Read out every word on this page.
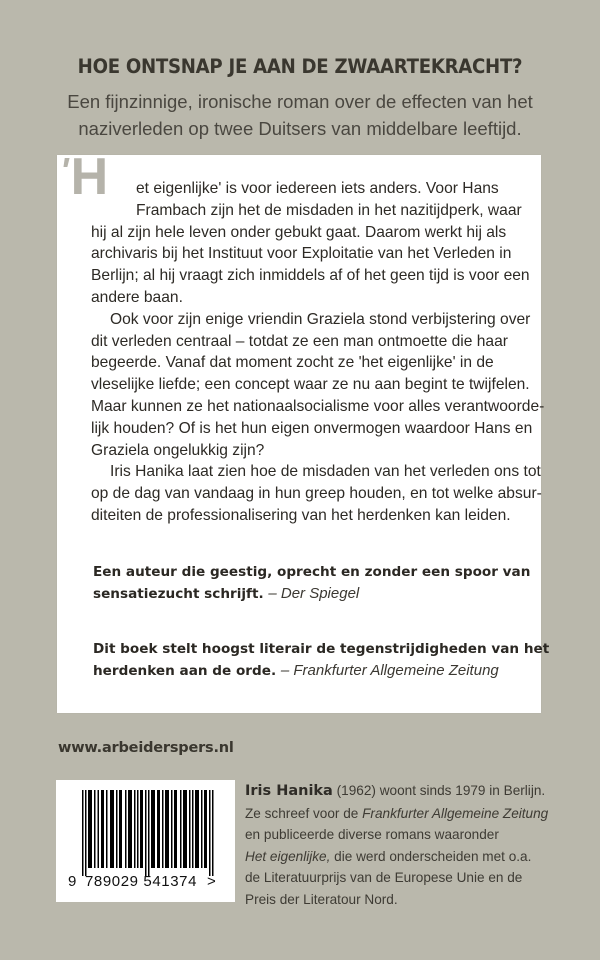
HOE ONTSNAP JE AAN DE ZWAARTEKRACHT?
Een fijnzinnige, ironische roman over de effecten van het
naziverleden op twee Duitsers van middelbare leeftijd.
'H	et eigenlijke' is voor iedereen iets anders. Voor Hans
Frambach zijn het de misdaden in het nazitijdperk, waar
hij al zijn hele leven onder gebukt gaat. Daarom werkt hij als
archivaris bij het Instituut voor Exploitatie van het Verleden in
Berlijn; al hij vraagt zich inmiddels af of het geen tijd is voor een
andere baan.
Ook voor zijn enige vriendin Graziela stond verbijstering over
dit verleden centraal – totdat ze een man ontmoette die haar
begeerde. Vanaf dat moment zocht ze 'het eigenlijke' in de
vleselijke liefde; een concept waar ze nu aan begint te twijfelen.
Maar kunnen ze het nationaalsocialisme voor alles verantwoorde-
lijk houden? Of is het hun eigen onvermogen waardoor Hans en
Graziela ongelukkig zijn?
Iris Hanika laat zien hoe de misdaden van het verleden ons tot
op de dag van vandaag in hun greep houden, en tot welke absur-
diteiten de professionalisering van het herdenken kan leiden.
Een auteur die geestig, oprecht en zonder een spoor van
sensatiezucht schrijft. – Der Spiegel
Dit boek stelt hoogst literair de tegenstrijdigheden van het
herdenken aan de orde. – Frankfurter Allgemeine Zeitung
www.arbeiderspers.nl
9 789029 541374 >
Iris Hanika (1962) woont sinds 1979 in Berlijn.
Ze schreef voor de Frankfurter Allgemeine Zeitung
en publiceerde diverse romans waaronder
Het eigenlijke, die werd onderscheiden met o.a.
de Literatuurprijs van de Europese Unie en de
Preis der Literatour Nord.
